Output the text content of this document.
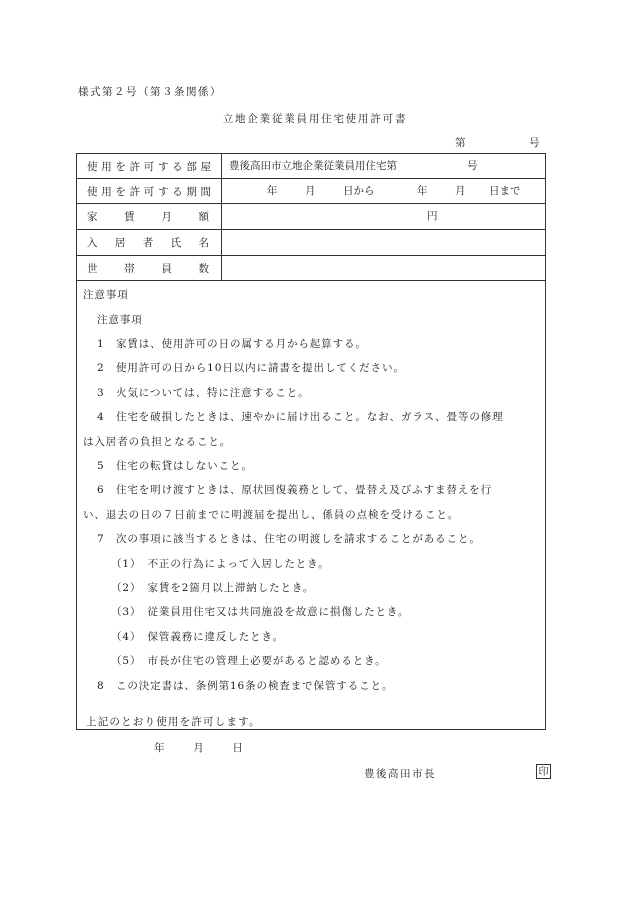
様式第２号（第３条関係）
立地企業従業員用住宅使用許可書
第	号
使 用 を 許 可 す る 部 屋 豊後高田市立地企業従業員用住宅第	号
使 用 を 許 可 す る 期 間	年	月	日から	年	月 日まで
家	賃	月	額	円
入 居 者 氏 名
世	帯	員	数
注意事項
注意事項
1　家賃は、使用許可の日の属する月から起算する。
2　使用許可の日から10日以内に請書を提出してください。
3　火気については、特に注意すること。
4　住宅を破損したときは、速やかに届け出ること。なお、ガラス、畳等の修理
は入居者の負担となること。
5　住宅の転貸はしないこと。
6　住宅を明け渡すときは、原状回復義務として、畳替え及びふすま替えを行
い、退去の日の７日前までに明渡届を提出し、係員の点検を受けること。
7　次の事項に該当するときは、住宅の明渡しを請求することがあること。
（1）　不正の行為によって入居したとき。
（2）　家賃を2箇月以上滞納したとき。
（3）　従業員用住宅又は共同施設を故意に損傷したとき。
（4）　保管義務に違反したとき。
（5）　市長が住宅の管理上必要があると認めるとき。
8　この決定書は、条例第16条の検査まで保管すること。
上記のとおり使用を許可します。
年	月	日
豊後高田市長	印
